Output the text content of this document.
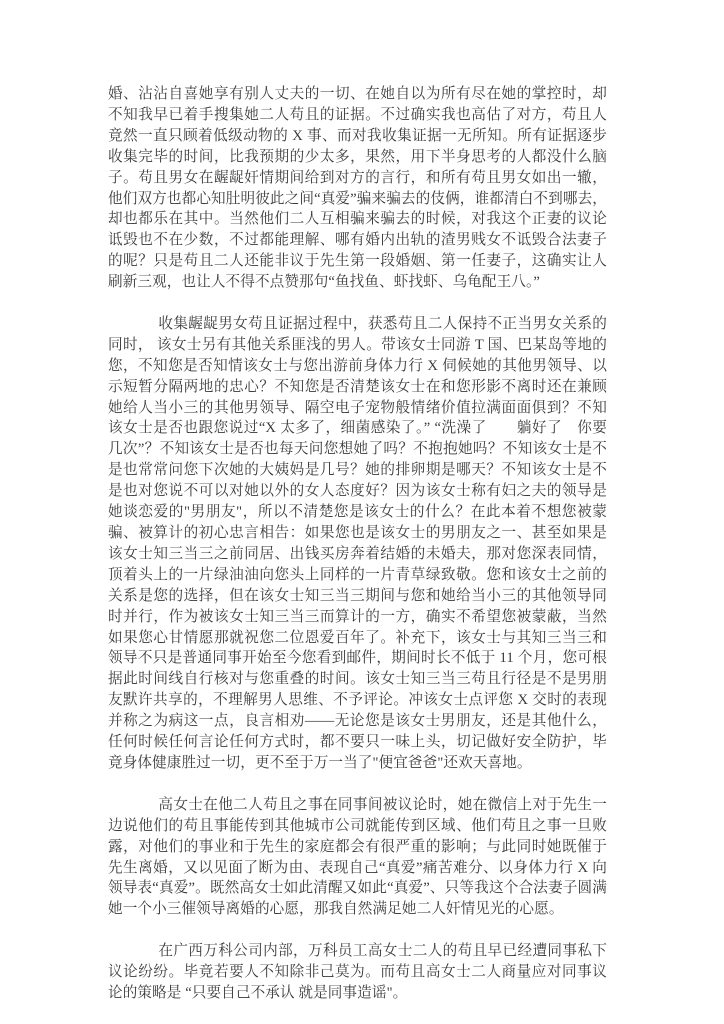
婚、沾沾自喜她享有别人丈夫的一切、在她自以为所有尽在她的掌控时，却不知我早已着手搜集她二人苟且的证据。不过确实我也高估了对方，苟且人竟然一直只顾着低级动物的 X 事、而对我收集证据一无所知。所有证据逐步收集完毕的时间，比我预期的少太多，果然，用下半身思考的人都没什么脑子。苟且男女在龌龊奸情期间给到对方的言行，和所有苟且男女如出一辙，他们双方也都心知肚明彼此之间“真爱”骗来骗去的伎俩，谁都清白不到哪去，却也都乐在其中。当然他们二人互相骗来骗去的时候，对我这个正妻的议论诋毁也不在少数，不过都能理解、哪有婚内出轨的渣男贱女不诋毁合法妻子的呢？只是苟且二人还能非议于先生第一段婚姻、第一任妻子，这确实让人刷新三观，也让人不得不点赞那句“鱼找鱼、虾找虾、乌龟配王八。”

收集龌龊男女苟且证据过程中，获悉苟且二人保持不正当男女关系的同时， 该女士另有其他关系匪浅的男人。带该女士同游 T 国、巴某岛等地的您，不知您是否知情该女士与您出游前身体力行 X 伺候她的其他男领导、以示短暂分隔两地的忠心？不知您是否清楚该女士在和您形影不离时还在兼顾她给人当小三的其他男领导、隔空电子宠物般情绪价值拉满面面俱到？不知该女士是否也跟您说过“X 太多了，细菌感染了。” “洗澡了　　躺好了　你要几次”？不知该女士是否也每天问您想她了吗？不抱抱她吗？不知该女士是不是也常常问您下次她的大姨妈是几号？她的排卵期是哪天？不知该女士是不是也对您说不可以对她以外的女人态度好？因为该女士称有妇之夫的领导是她谈恋爱的"男朋友"，所以不清楚您是该女士的什么？在此本着不想您被蒙骗、被算计的初心忠言相告：如果您也是该女士的男朋友之一、甚至如果是该女士知三当三之前同居、出钱买房奔着结婚的未婚夫，那对您深表同情，顶着头上的一片绿油油向您头上同样的一片青草绿致敬。您和该女士之前的关系是您的选择，但在该女士知三当三期间与您和她给当小三的其他领导同时并行，作为被该女士知三当三而算计的一方，确实不希望您被蒙蔽，当然如果您心甘情愿那就祝您二位恩爱百年了。补充下，该女士与其知三当三和领导不只是普通同事开始至今您看到邮件，期间时长不低于 11 个月，您可根据此时间线自行核对与您重叠的时间。该女士知三当三苟且行径是不是男朋友默许共享的，不理解男人思维、不予评论。冲该女士点评您 X 交时的表现并称之为病这一点，良言相劝——无论您是该女士男朋友，还是其他什么，任何时候任何言论任何方式时，都不要只一味上头，切记做好安全防护，毕竟身体健康胜过一切，更不至于万一当了"便宜爸爸"还欢天喜地。

高女士在他二人苟且之事在同事间被议论时，她在微信上对于先生一边说他们的苟且事能传到其他城市公司就能传到区域、他们苟且之事一旦败露，对他们的事业和于先生的家庭都会有很严重的影响；与此同时她既催于先生离婚，又以见面了断为由、表现自己“真爱”痛苦难分、以身体力行 X 向领导表“真爱”。既然高女士如此清醒又如此“真爱”、只等我这个合法妻子圆满她一个小三催领导离婚的心愿，那我自然满足她二人奸情见光的心愿。

在广西万科公司内部，万科员工高女士二人的苟且早已经遭同事私下议论纷纷。毕竟若要人不知除非己莫为。而苟且高女士二人商量应对同事议论的策略是 “只要自己不承认 就是同事造谣"。
